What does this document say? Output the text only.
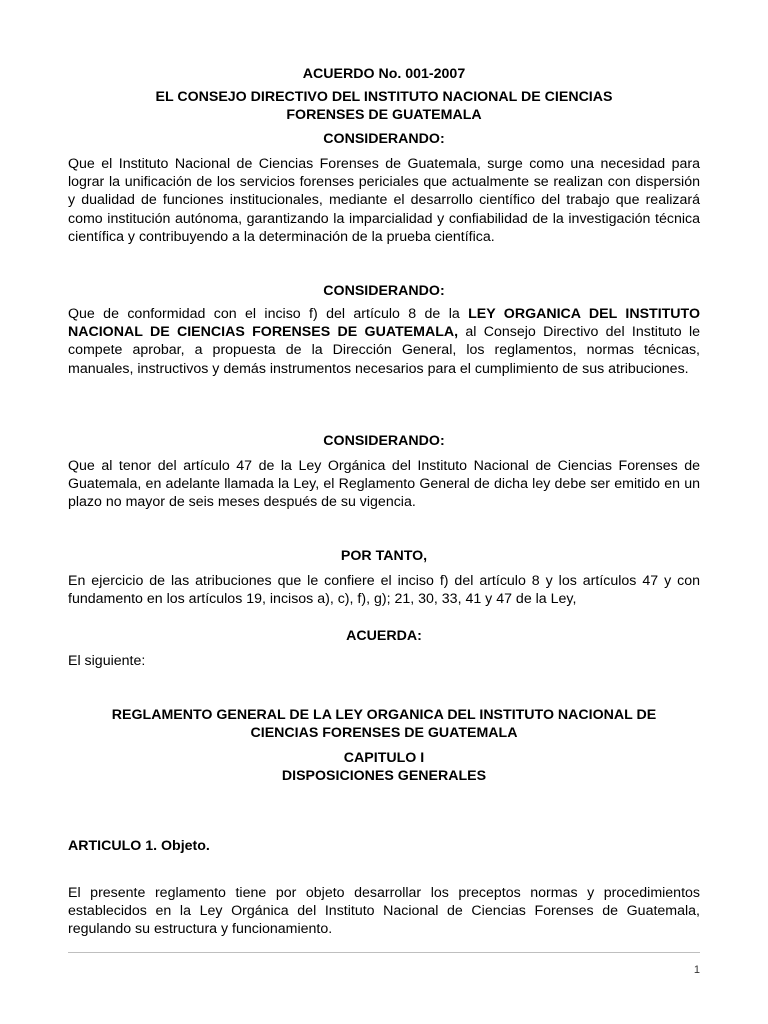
ACUERDO No. 001-2007

EL CONSEJO DIRECTIVO DEL INSTITUTO NACIONAL DE CIENCIAS

FORENSES DE GUATEMALA

CONSIDERANDO:

Que el Instituto Nacional de Ciencias Forenses de Guatemala, surge como una necesidad para lograr la unificación de los servicios forenses periciales que actualmente se realizan con dispersión y dualidad de funciones institucionales, mediante el desarrollo científico del trabajo que realizará como institución autónoma, garantizando la imparcialidad y confiabilidad de la investigación técnica científica y contribuyendo a la determinación de la prueba científica.

CONSIDERANDO:

Que de conformidad con el inciso f) del artículo 8 de la LEY ORGANICA DEL INSTITUTO NACIONAL DE CIENCIAS FORENSES DE GUATEMALA, al Consejo Directivo del Instituto le compete aprobar, a propuesta de la Dirección General, los reglamentos, normas técnicas, manuales, instructivos y demás instrumentos necesarios para el cumplimiento de sus atribuciones.

CONSIDERANDO:

Que al tenor del artículo 47 de la Ley Orgánica del Instituto Nacional de Ciencias Forenses de Guatemala, en adelante llamada la Ley, el Reglamento General de dicha ley debe ser emitido en un plazo no mayor de seis meses después de su vigencia.

POR TANTO,

En ejercicio de las atribuciones que le confiere el inciso f) del artículo 8 y los artículos 47 y con fundamento en los artículos 19, incisos a), c), f), g); 21, 30, 33, 41 y 47 de la Ley,

ACUERDA:

El siguiente:

REGLAMENTO GENERAL DE LA LEY ORGANICA DEL INSTITUTO NACIONAL DE

CIENCIAS FORENSES DE GUATEMALA

CAPITULO I

DISPOSICIONES GENERALES

ARTICULO 1. Objeto.

El presente reglamento tiene por objeto desarrollar los preceptos normas y procedimientos establecidos en la Ley Orgánica del Instituto Nacional de Ciencias Forenses de Guatemala, regulando su estructura y funcionamiento.

1
